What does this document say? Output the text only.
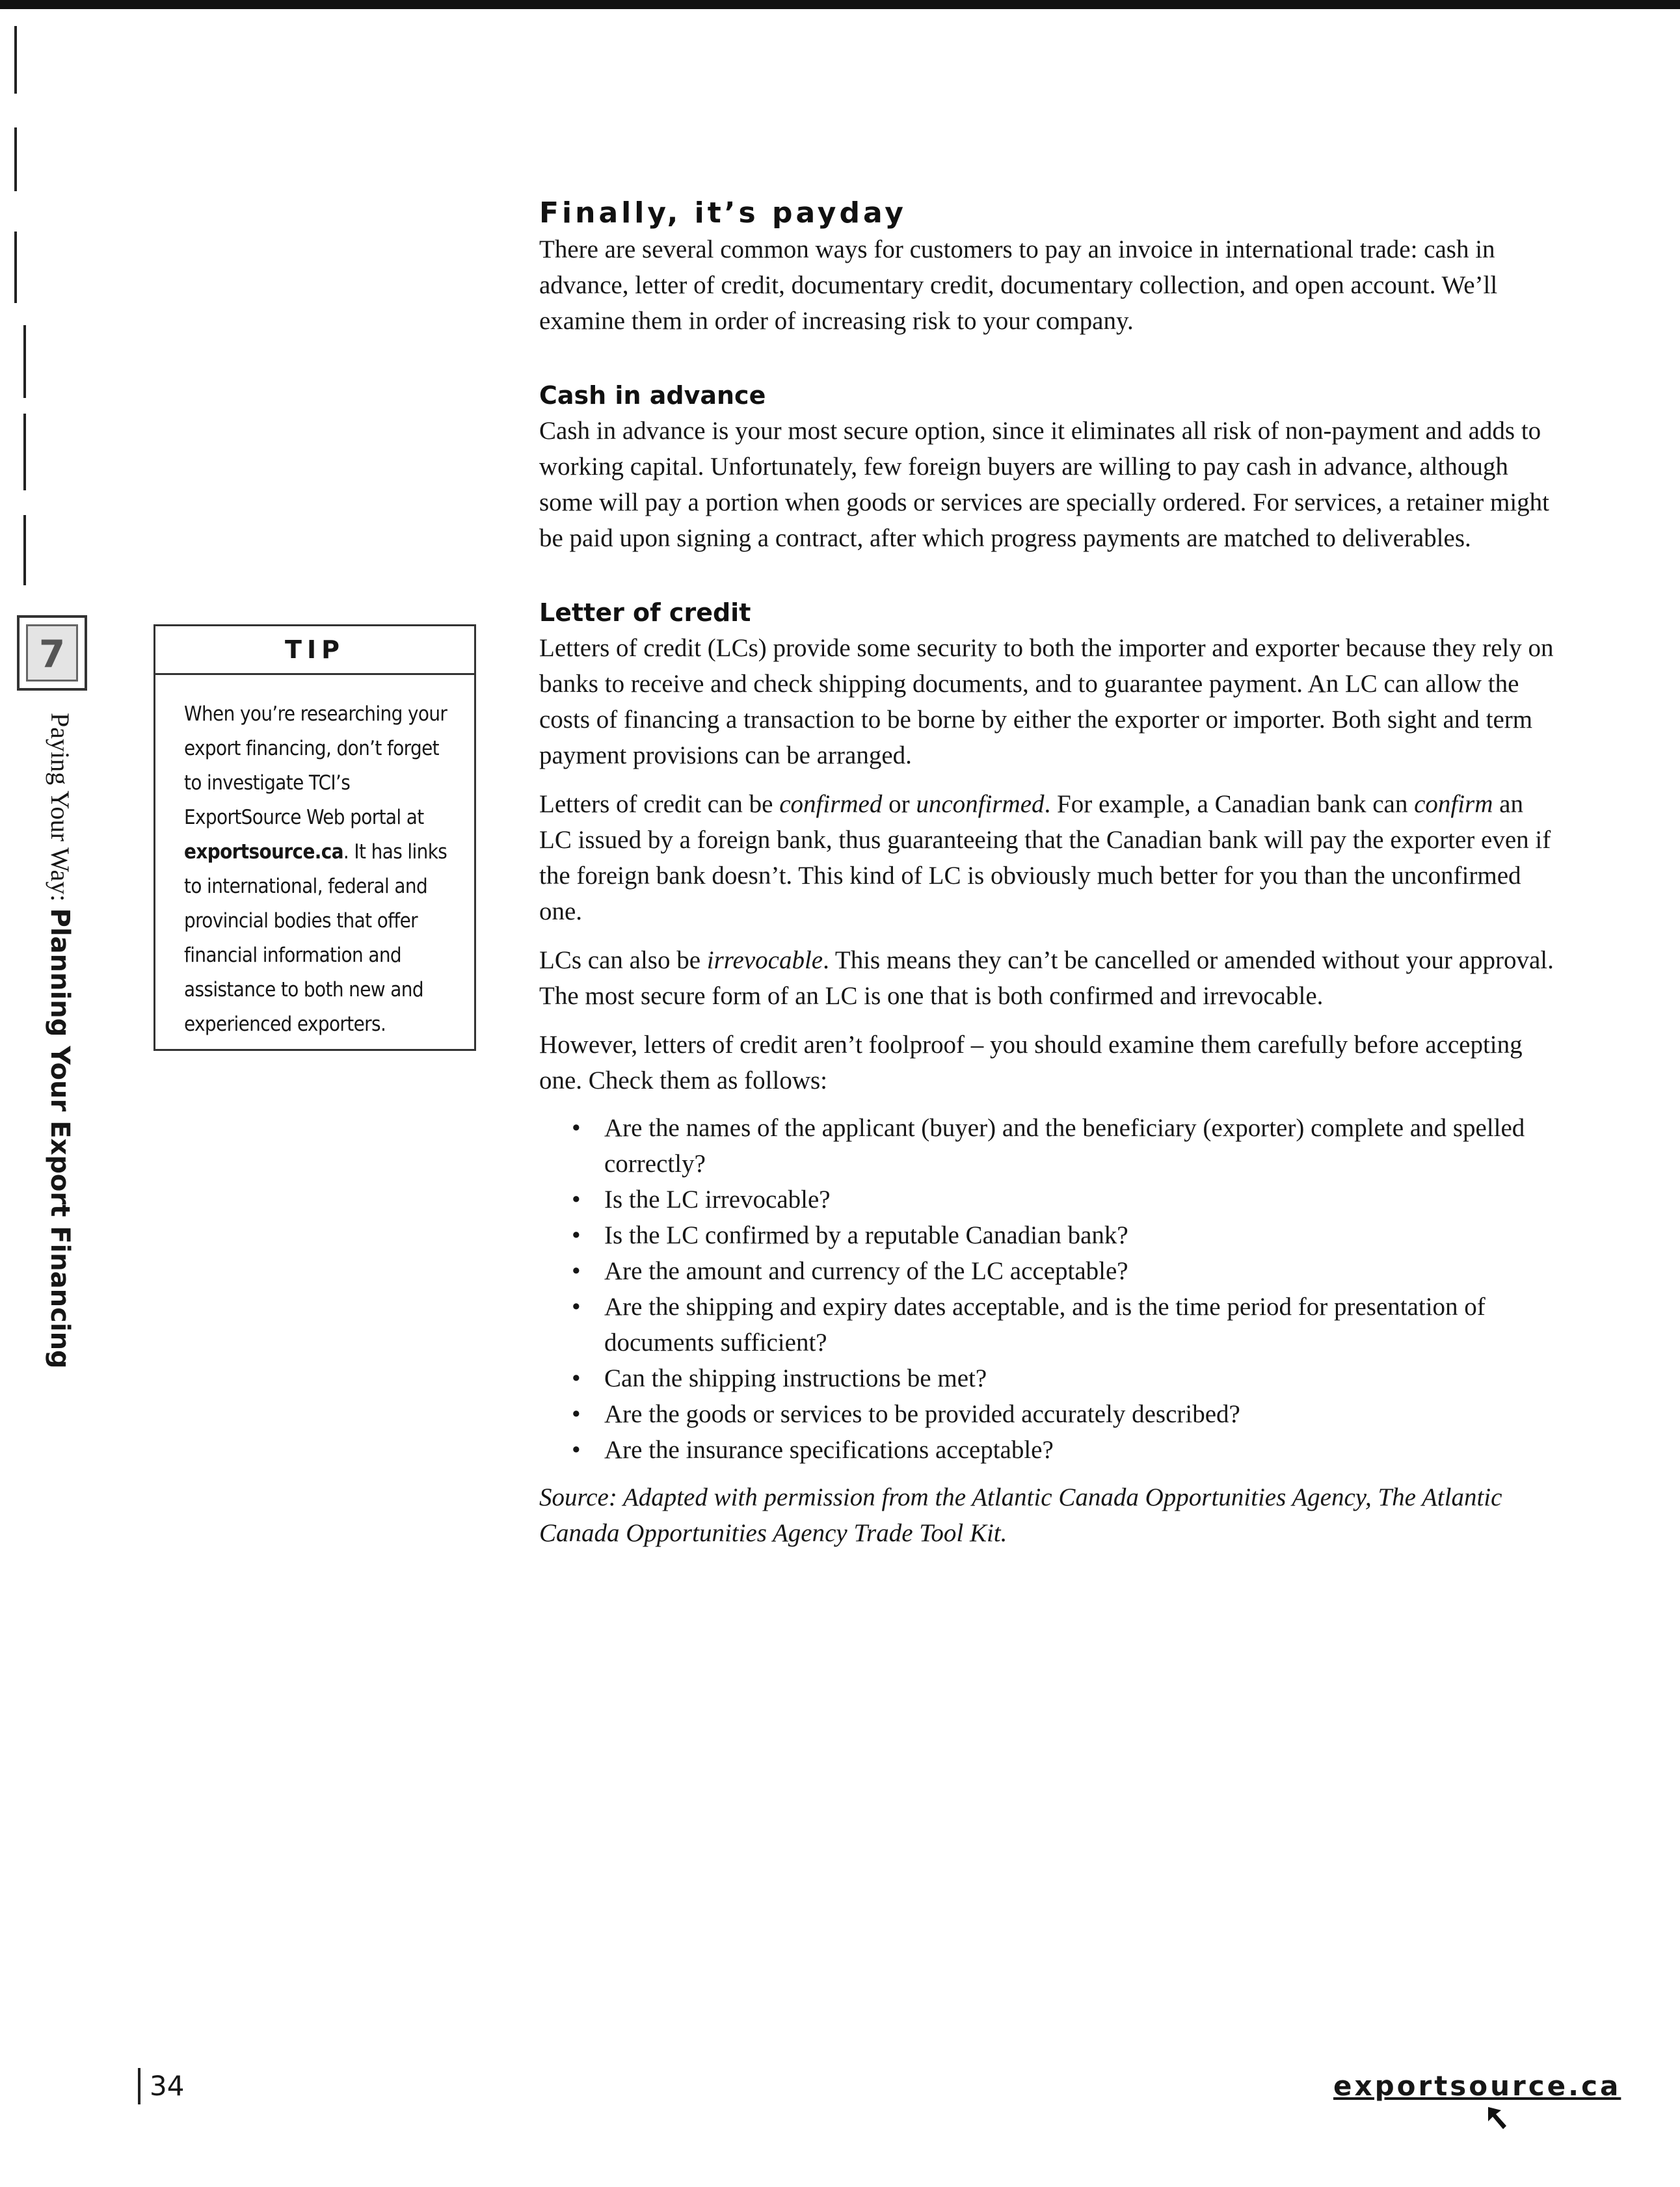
7
Paying Your Way: Planning Your Export Financing
TIP
When you’re researching your export financing, don’t forget to investigate TCI’s ExportSource Web portal at exportsource.ca. It has links to international, federal and provincial bodies that offer financial information and assistance to both new and experienced exporters.
Finally, it’s payday

There are several common ways for customers to pay an invoice in international trade: cash in advance, letter of credit, documentary credit, documentary collection, and open account. We’ll examine them in order of increasing risk to your company.

Cash in advance

Cash in advance is your most secure option, since it eliminates all risk of non-payment and adds to working capital. Unfortunately, few foreign buyers are willing to pay cash in advance, although some will pay a portion when goods or services are specially ordered. For services, a retainer might be paid upon signing a contract, after which progress payments are matched to deliverables.

Letter of credit

Letters of credit (LCs) provide some security to both the importer and exporter because they rely on banks to receive and check shipping documents, and to guarantee payment. An LC can allow the costs of financing a transaction to be borne by either the exporter or importer. Both sight and term payment provisions can be arranged.

Letters of credit can be confirmed or unconfirmed. For example, a Canadian bank can confirm an LC issued by a foreign bank, thus guaranteeing that the Canadian bank will pay the exporter even if the foreign bank doesn’t. This kind of LC is obviously much better for you than the unconfirmed one.

LCs can also be irrevocable. This means they can’t be cancelled or amended without your approval. The most secure form of an LC is one that is both confirmed and irrevocable.

However, letters of credit aren’t foolproof – you should examine them carefully before accepting one. Check them as follows:

• Are the names of the applicant (buyer) and the beneficiary (exporter) complete and spelled correctly?
• Is the LC irrevocable?
• Is the LC confirmed by a reputable Canadian bank?
• Are the amount and currency of the LC acceptable?
• Are the shipping and expiry dates acceptable, and is the time period for presentation of documents sufficient?
• Can the shipping instructions be met?
• Are the goods or services to be provided accurately described?
• Are the insurance specifications acceptable?

Source: Adapted with permission from the Atlantic Canada Opportunities Agency, The Atlantic Canada Opportunities Agency Trade Tool Kit.

34	exportsource.ca
